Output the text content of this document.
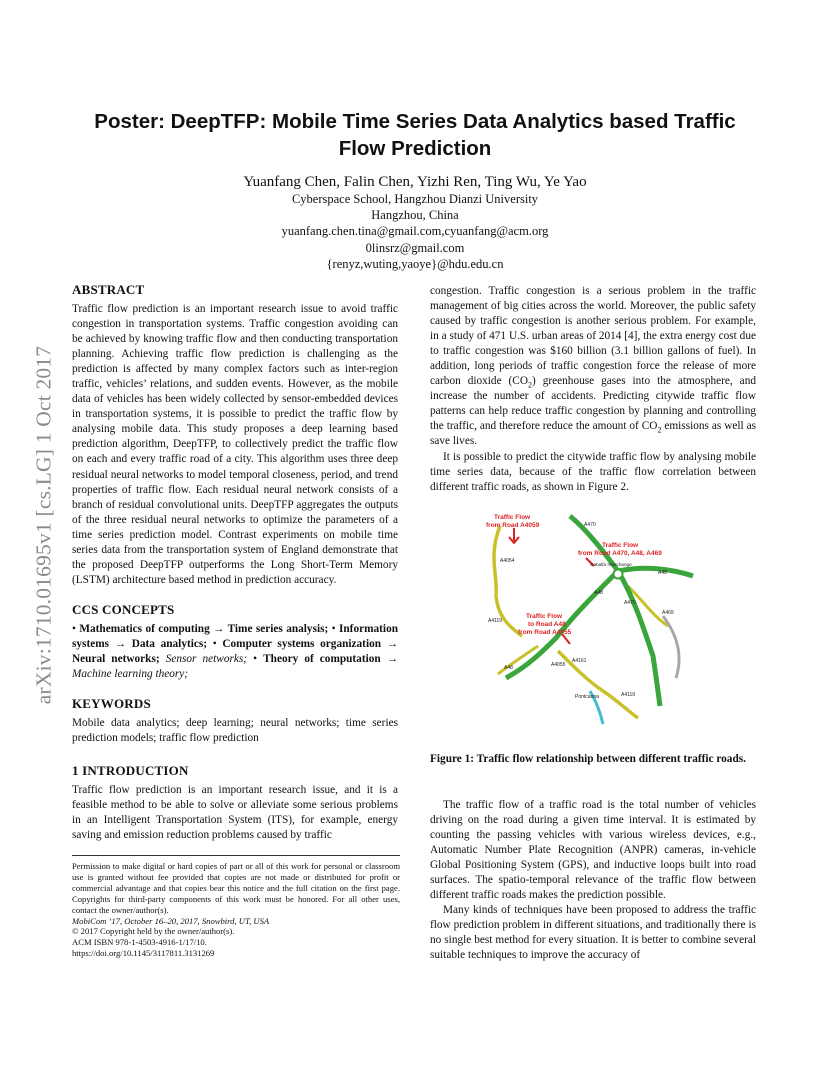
arXiv:1710.01695v1 [cs.LG] 1 Oct 2017
Poster: DeepTFP: Mobile Time Series Data Analytics based Traffic
Flow Prediction
Yuanfang Chen, Falin Chen, Yizhi Ren, Ting Wu, Ye Yao
Cyberspace School, Hangzhou Dianzi University
Hangzhou, China
yuanfang.chen.tina@gmail.com,cyuanfang@acm.org
0linsrz@gmail.com
{renyz,wuting,yaoye}@hdu.edu.cn
ABSTRACT

Traffic flow prediction is an important research issue to avoid traffic congestion in transportation systems. Traffic congestion avoiding can be achieved by knowing traffic flow and then conducting transportation planning. Achieving traffic flow prediction is challenging as the prediction is affected by many complex factors such as inter-region traffic, vehicles’ relations, and sudden events. However, as the mobile data of vehicles has been widely collected by sensor-embedded devices in transportation systems, it is possible to predict the traffic flow by analysing mobile data. This study proposes a deep learning based prediction algorithm, DeepTFP, to collectively predict the traffic flow on each and every traffic road of a city. This algorithm uses three deep residual neural networks to model temporal closeness, period, and trend properties of traffic flow. Each residual neural network consists of a branch of residual convolutional units. DeepTFP aggregates the outputs of the three residual neural networks to optimize the parameters of a time series prediction model. Contrast experiments on mobile time series data from the transportation system of England demonstrate that the proposed DeepTFP outperforms the Long Short-Term Memory (LSTM) architecture based method in prediction accuracy.

CCS CONCEPTS

• Mathematics of computing → Time series analysis; • Information systems → Data analytics; • Computer systems organization → Neural networks; Sensor networks; • Theory of computation → Machine learning theory;

KEYWORDS

Mobile data analytics; deep learning; neural networks; time series prediction models; traffic flow prediction

1 INTRODUCTION

Traffic flow prediction is an important research issue, and it is a feasible method to be able to solve or alleviate some serious problems in an Intelligent Transportation System (ITS), for example, energy saving and emission reduction problems caused by traffic

Permission to make digital or hard copies of part or all of this work for personal or classroom use is granted without fee provided that copies are not made or distributed for profit or commercial advantage and that copies bear this notice and the full citation on the first page. Copyrights for third-party components of this work must be honored. For all other uses, contact the owner/author(s).

MobiCom ’17, October 16–20, 2017, Snowbird, UT, USA

© 2017 Copyright held by the owner/author(s).

ACM ISBN 978-1-4503-4916-1/17/10.

https://doi.org/10.1145/3117811.3131269

congestion. Traffic congestion is a serious problem in the traffic management of big cities across the world. Moreover, the public safety caused by traffic congestion is another serious problem. For example, in a study of 471 U.S. urban areas of 2014 [4], the extra energy cost due to traffic congestion was $160 billion (3.1 billion gallons of fuel). In addition, long periods of traffic congestion force the release of more carbon dioxide $(CO_2)$ greenhouse gases into the atmosphere, and increase the number of accidents. Predicting citywide traffic flow patterns can help reduce traffic congestion by planning and controlling the traffic, and therefore reduce the amount of $CO_2$ emissions as well as save lives.

It is possible to predict the citywide traffic flow by analysing mobile time series data, because of the traffic flow correlation between different traffic roads, as shown in Figure 2.

Traffic Flow
from Road A4059
Traffic Flow
from Road A470, A48, A469
Traffic Flow
to Road A48
from Road A4055
A470
A48
A470
A469
A48
A4054
A4119
A4161
A48	A4055
A4119
Gabalfa Interchange
Pontcanna
Figure 1: Traffic flow relationship between different traffic roads.

The traffic flow of a traffic road is the total number of vehicles driving on the road during a given time interval. It is estimated by counting the passing vehicles with various wireless devices, e.g., Automatic Number Plate Recognition (ANPR) cameras, in-vehicle Global Positioning System (GPS), and inductive loops built into road surfaces. The spatio-temporal relevance of the traffic flow between different traffic roads makes the prediction possible.

Many kinds of techniques have been proposed to address the traffic flow prediction problem in different situations, and traditionally there is no single best method for every situation. It is better to combine several suitable techniques to improve the accuracy of
